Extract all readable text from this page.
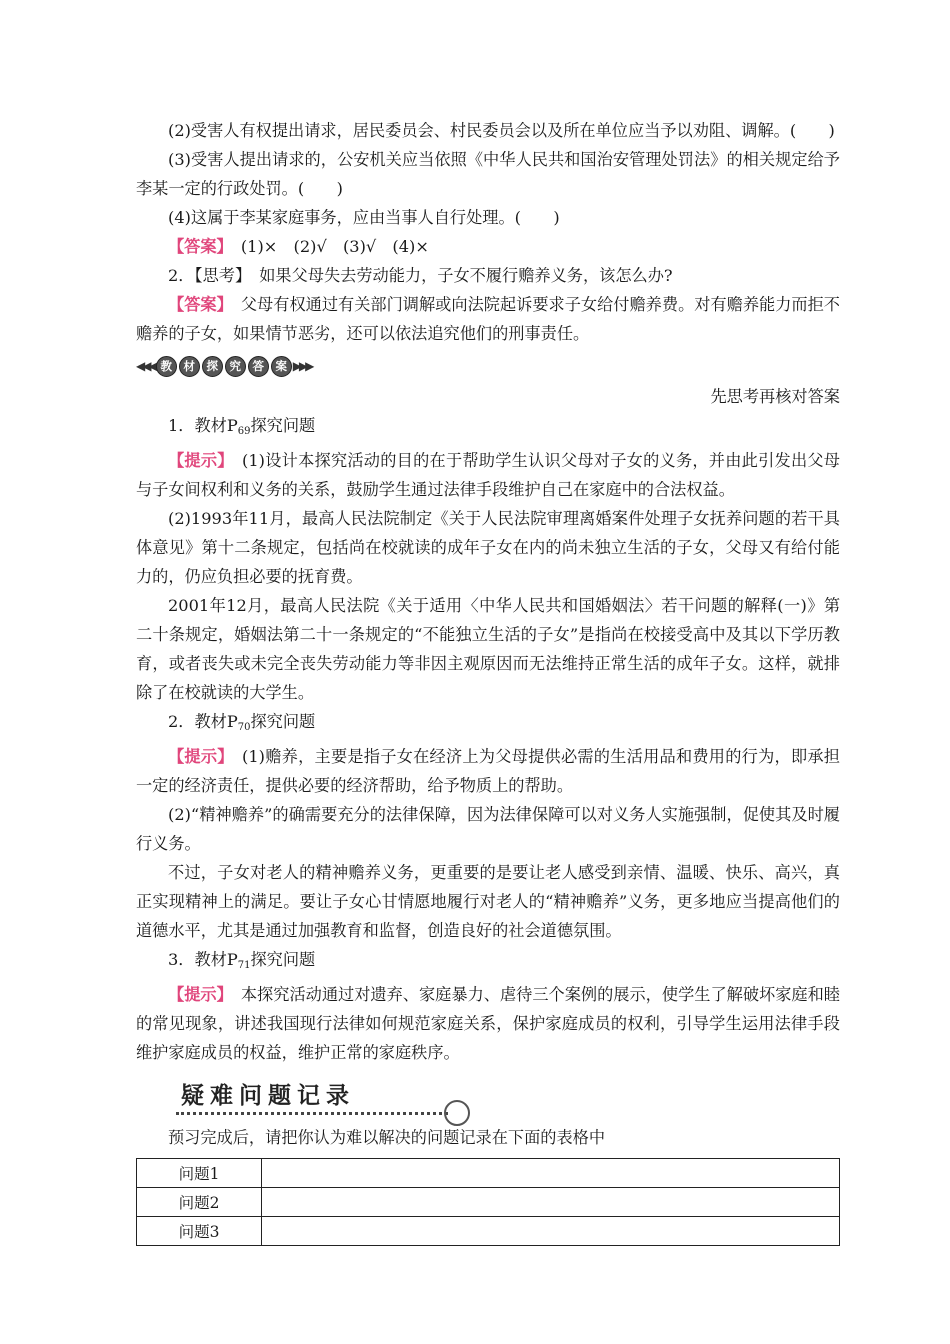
(2)受害人有权提出请求，居民委员会、村民委员会以及所在单位应当予以劝阻、调解。(　　)

(3)受害人提出请求的，公安机关应当依照《中华人民共和国治安管理处罚法》的相关规定给予李某一定的行政处罚。(　　)

(4)这属于李某家庭事务，应由当事人自行处理。(　　)

【答案】　(1)×　(2)√　(3)√　(4)×

2．【思考】　如果父母失去劳动能力，子女不履行赡养义务，该怎么办?

【答案】　父母有权通过有关部门调解或向法院起诉要求子女给付赡养费。对有赡养能力而拒不赡养的子女，如果情节恶劣，还可以依法追究他们的刑事责任。

◀◀◀ 教	材	探	究	答	案 ▶▶▶

先思考再核对答案

1．教材$P_{69}$探究问题

【提示】　(1)设计本探究活动的目的在于帮助学生认识父母对子女的义务，并由此引发出父母与子女间权利和义务的关系，鼓励学生通过法律手段维护自己在家庭中的合法权益。

(2)1993年11月，最高人民法院制定《关于人民法院审理离婚案件处理子女抚养问题的若干具体意见》第十二条规定，包括尚在校就读的成年子女在内的尚未独立生活的子女，父母又有给付能力的，仍应负担必要的抚育费。

2001年12月，最高人民法院《关于适用〈中华人民共和国婚姻法〉若干问题的解释(一)》第二十条规定，婚姻法第二十一条规定的“不能独立生活的子女”是指尚在校接受高中及其以下学历教育，或者丧失或未完全丧失劳动能力等非因主观原因而无法维持正常生活的成年子女。这样，就排除了在校就读的大学生。

2．教材$P_{70}$探究问题

【提示】　(1)赡养，主要是指子女在经济上为父母提供必需的生活用品和费用的行为，即承担一定的经济责任，提供必要的经济帮助，给予物质上的帮助。

(2)“精神赡养”的确需要充分的法律保障，因为法律保障可以对义务人实施强制，促使其及时履行义务。

不过，子女对老人的精神赡养义务，更重要的是要让老人感受到亲情、温暖、快乐、高兴，真正实现精神上的满足。要让子女心甘情愿地履行对老人的“精神赡养”义务，更多地应当提高他们的道德水平，尤其是通过加强教育和监督，创造良好的社会道德氛围。

3．教材$P_{71}$探究问题

【提示】　本探究活动通过对遗弃、家庭暴力、虐待三个案例的展示，使学生了解破坏家庭和睦的常见现象，讲述我国现行法律如何规范家庭关系，保护家庭成员的权利，引导学生运用法律手段维护家庭成员的权益，维护正常的家庭秩序。

疑难问题记录

预习完成后，请把你认为难以解决的问题记录在下面的表格中

问题1	
问题2	
问题3	
